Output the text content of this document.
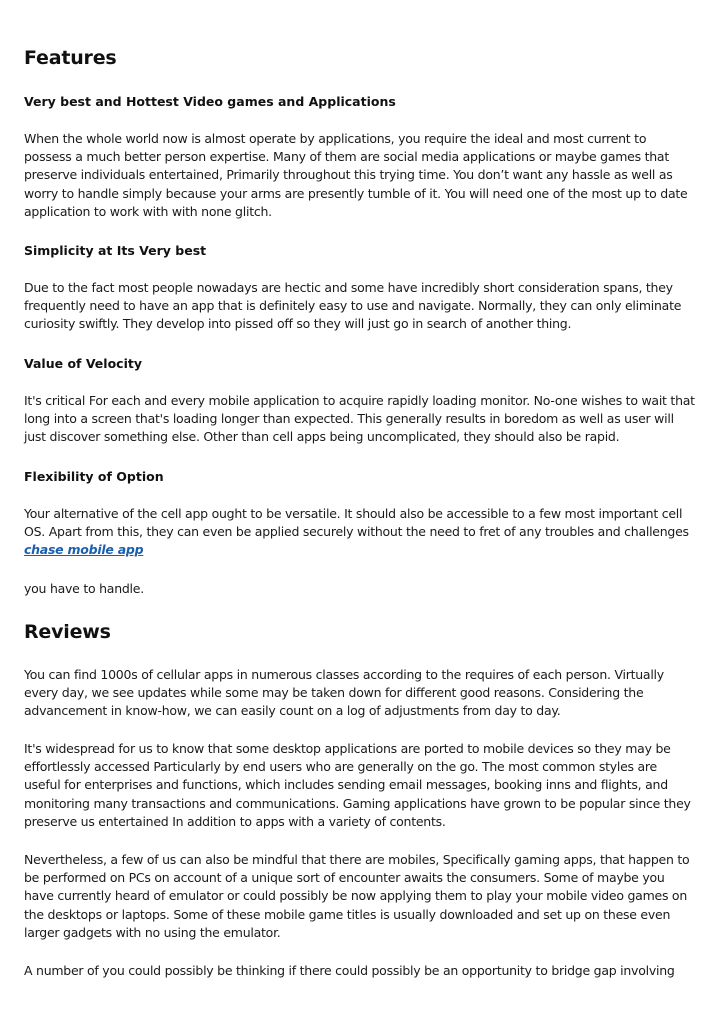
Features
Very best and Hottest Video games and Applications

When the whole world now is almost operate by applications, you require the ideal and most current to possess a much better person expertise. Many of them are social media applications or maybe games that preserve individuals entertained, Primarily throughout this trying time. You don’t want any hassle as well as worry to handle simply because your arms are presently tumble of it. You will need one of the most up to date application to work with with none glitch.

Simplicity at Its Very best

Due to the fact most people nowadays are hectic and some have incredibly short consideration spans, they frequently need to have an app that is definitely easy to use and navigate. Normally, they can only eliminate curiosity swiftly. They develop into pissed off so they will just go in search of another thing.

Value of Velocity

It's critical For each and every mobile application to acquire rapidly loading monitor. No-one wishes to wait that long into a screen that's loading longer than expected. This generally results in boredom as well as user will just discover something else. Other than cell apps being uncomplicated, they should also be rapid.

Flexibility of Option

Your alternative of the cell app ought to be versatile. It should also be accessible to a few most important cell OS. Apart from this, they can even be applied securely without the need to fret of any troubles and challenges chase mobile app

you have to handle.

Reviews

You can find 1000s of cellular apps in numerous classes according to the requires of each person. Virtually every day, we see updates while some may be taken down for different good reasons. Considering the advancement in know-how, we can easily count on a log of adjustments from day to day.

It's widespread for us to know that some desktop applications are ported to mobile devices so they may be effortlessly accessed Particularly by end users who are generally on the go. The most common styles are useful for enterprises and functions, which includes sending email messages, booking inns and flights, and monitoring many transactions and communications. Gaming applications have grown to be popular since they preserve us entertained In addition to apps with a variety of contents.

Nevertheless, a few of us can also be mindful that there are mobiles, Specifically gaming apps, that happen to be performed on PCs on account of a unique sort of encounter awaits the consumers. Some of maybe you have currently heard of emulator or could possibly be now applying them to play your mobile video games on the desktops or laptops. Some of these mobile game titles is usually downloaded and set up on these even larger gadgets with no using the emulator.

A number of you could possibly be thinking if there could possibly be an opportunity to bridge gap involving
